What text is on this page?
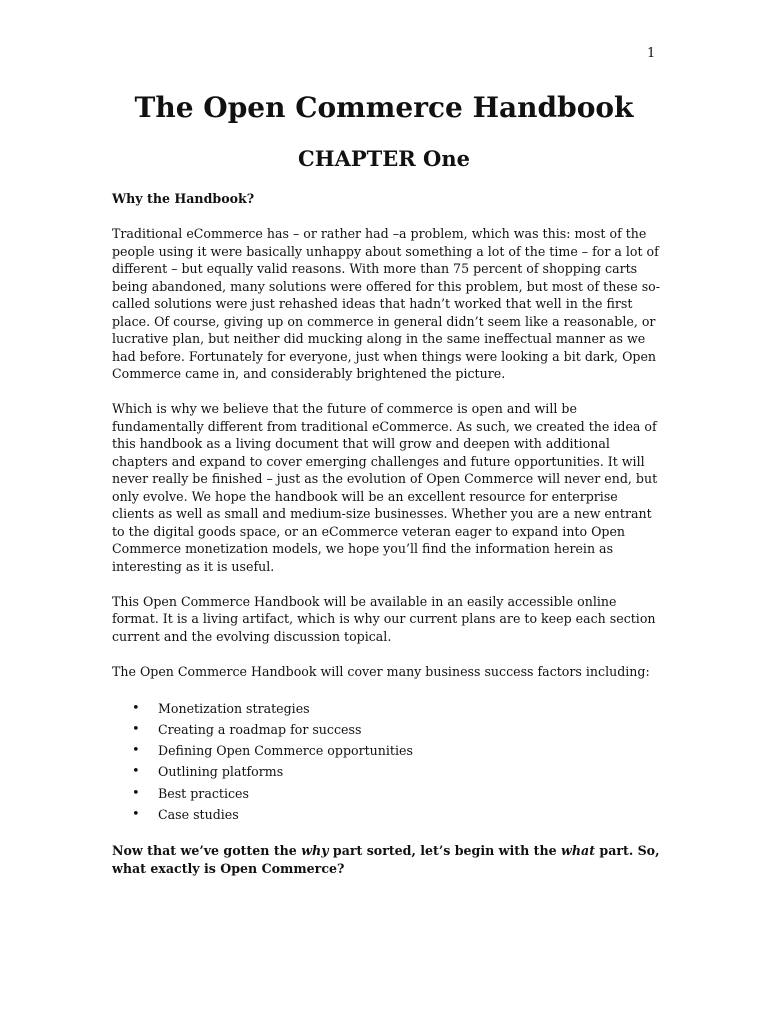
1
The Open Commerce Handbook
CHAPTER One

Why the Handbook?

Traditional eCommerce has – or rather had –a problem, which was this: most of the people using it were basically unhappy about something a lot of the time – for a lot of different – but equally valid reasons. With more than 75 percent of shopping carts being abandoned, many solutions were offered for this problem, but most of these so-called solutions were just rehashed ideas that hadn’t worked that well in the first place. Of course, giving up on commerce in general didn’t seem like a reasonable, or lucrative plan, but neither did mucking along in the same ineffectual manner as we had before. Fortunately for everyone, just when things were looking a bit dark, Open Commerce came in, and considerably brightened the picture.

Which is why we believe that the future of commerce is open and will be fundamentally different from traditional eCommerce. As such, we created the idea of this handbook as a living document that will grow and deepen with additional chapters and expand to cover emerging challenges and future opportunities. It will never really be finished – just as the evolution of Open Commerce will never end, but only evolve. We hope the handbook will be an excellent resource for enterprise clients as well as small and medium-size businesses. Whether you are a new entrant to the digital goods space, or an eCommerce veteran eager to expand into Open Commerce monetization models, we hope you’ll find the information herein as interesting as it is useful.

This Open Commerce Handbook will be available in an easily accessible online format. It is a living artifact, which is why our current plans are to keep each section current and the evolving discussion topical.

The Open Commerce Handbook will cover many business success factors including:

• Monetization strategies
• Creating a roadmap for success
• Defining Open Commerce opportunities
• Outlining platforms
• Best practices
• Case studies

Now that we’ve gotten the why part sorted, let’s begin with the what part. So, what exactly is Open Commerce?
